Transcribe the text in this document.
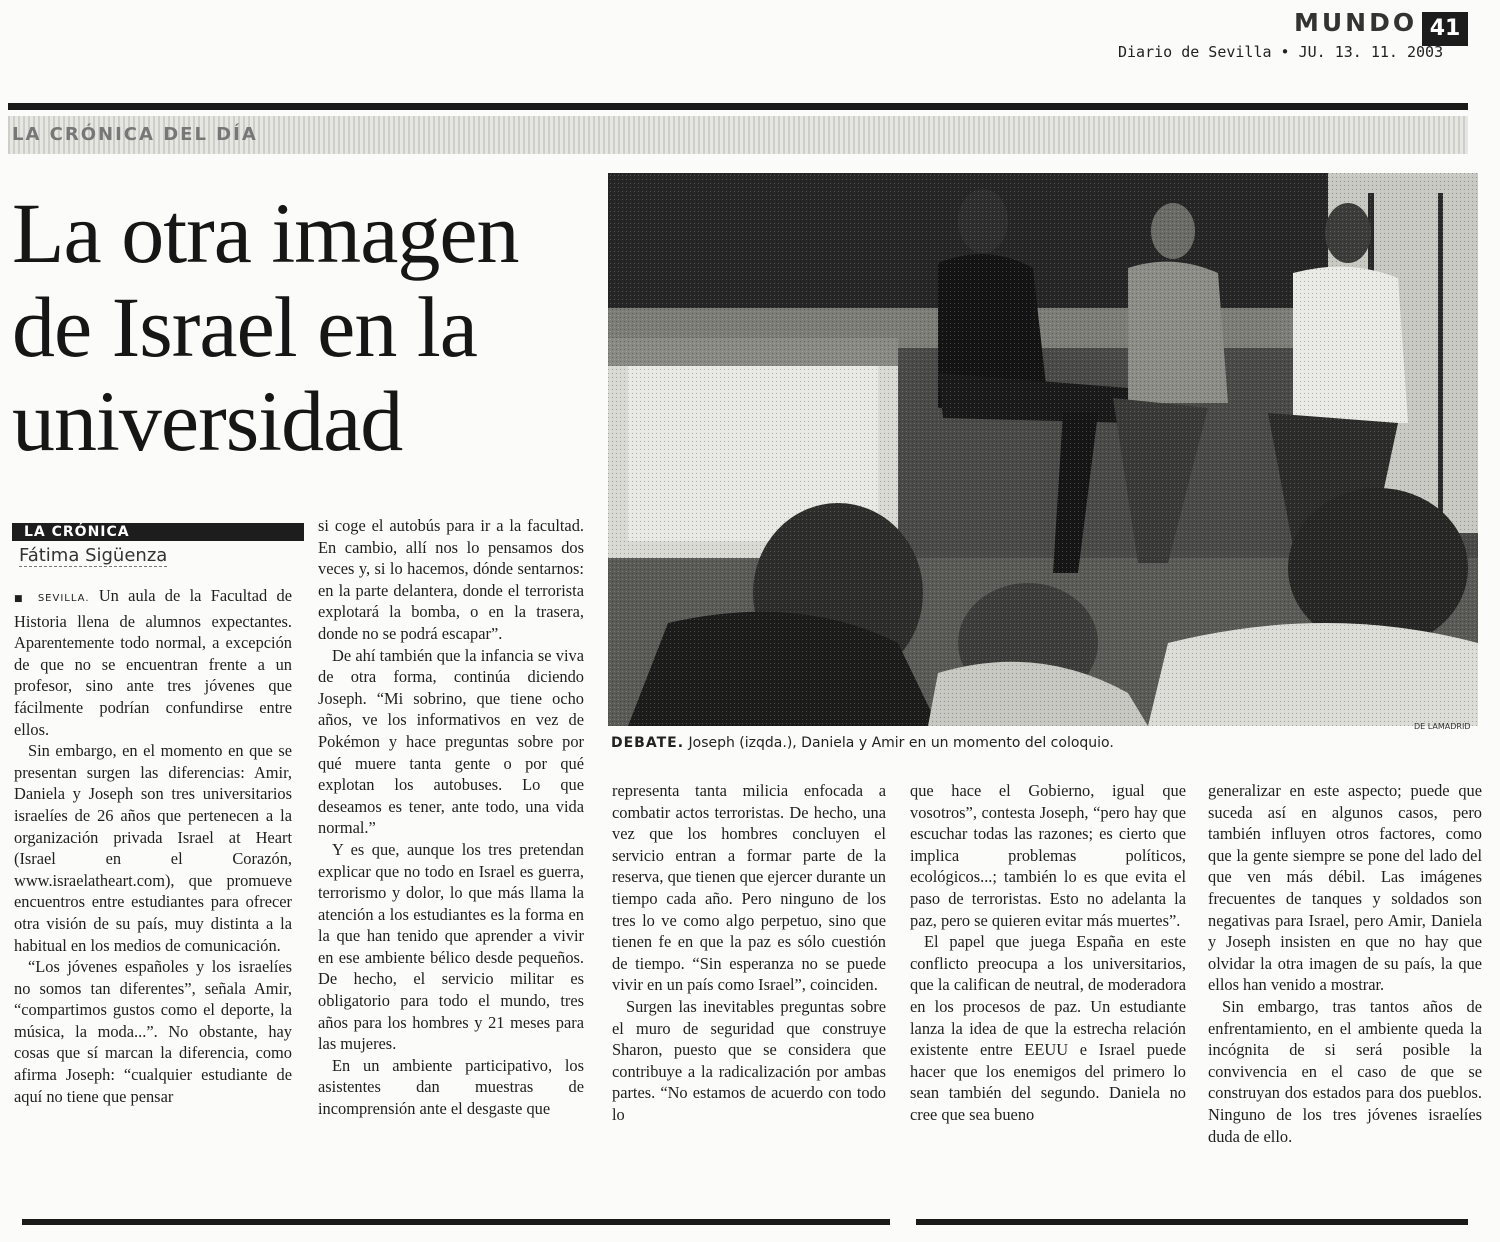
MUNDO 41
Diario de Sevilla • JU. 13. 11. 2003
LA CRÓNICA DEL DÍA
La otra imagen de Israel en la universidad
DE LAMADRID
DEBATE. Joseph (izqda.), Daniela y Amir en un momento del coloquio.
LA CRÓNICA
Fátima Sigüenza

■ SEVILLA. Un aula de la Facultad de Historia llena de alumnos expectantes. Aparentemente todo normal, a excepción de que no se encuentran frente a un profesor, sino ante tres jóvenes que fácilmente podrían confundirse entre ellos.

Sin embargo, en el momento en que se presentan surgen las diferencias: Amir, Daniela y Joseph son tres universitarios israelíes de 26 años que pertenecen a la organización privada Israel at Heart (Israel en el Corazón, www.israelatheart.com), que promueve encuentros entre estudiantes para ofrecer otra visión de su país, muy distinta a la habitual en los medios de comunicación.

“Los jóvenes españoles y los israelíes no somos tan diferentes”, señala Amir, “compartimos gustos como el deporte, la música, la moda...”. No obstante, hay cosas que sí marcan la diferencia, como afirma Joseph: “cualquier estudiante de aquí no tiene que pensar

si coge el autobús para ir a la facultad. En cambio, allí nos lo pensamos dos veces y, si lo hacemos, dónde sentarnos: en la parte delantera, donde el terrorista explotará la bomba, o en la trasera, donde no se podrá escapar”.

De ahí también que la infancia se viva de otra forma, continúa diciendo Joseph. “Mi sobrino, que tiene ocho años, ve los informativos en vez de Pokémon y hace preguntas sobre por qué muere tanta gente o por qué explotan los autobuses. Lo que deseamos es tener, ante todo, una vida normal.”

Y es que, aunque los tres pretendan explicar que no todo en Israel es guerra, terrorismo y dolor, lo que más llama la atención a los estudiantes es la forma en la que han tenido que aprender a vivir en ese ambiente bélico desde pequeños. De hecho, el servicio militar es obligatorio para todo el mundo, tres años para los hombres y 21 meses para las mujeres.

En un ambiente participativo, los asistentes dan muestras de incomprensión ante el desgaste que

representa tanta milicia enfocada a combatir actos terroristas. De hecho, una vez que los hombres concluyen el servicio entran a formar parte de la reserva, que tienen que ejercer durante un tiempo cada año. Pero ninguno de los tres lo ve como algo perpetuo, sino que tienen fe en que la paz es sólo cuestión de tiempo. “Sin esperanza no se puede vivir en un país como Israel”, coinciden.

Surgen las inevitables preguntas sobre el muro de seguridad que construye Sharon, puesto que se considera que contribuye a la radicalización por ambas partes. “No estamos de acuerdo con todo lo

que hace el Gobierno, igual que vosotros”, contesta Joseph, “pero hay que escuchar todas las razones; es cierto que implica problemas políticos, ecológicos...; también lo es que evita el paso de terroristas. Esto no adelanta la paz, pero se quieren evitar más muertes”.

El papel que juega España en este conflicto preocupa a los universitarios, que la califican de neutral, de moderadora en los procesos de paz. Un estudiante lanza la idea de que la estrecha relación existente entre EEUU e Israel puede hacer que los enemigos del primero lo sean también del segundo. Daniela no cree que sea bueno

generalizar en este aspecto; puede que suceda así en algunos casos, pero también influyen otros factores, como que la gente siempre se pone del lado del que ven más débil. Las imágenes frecuentes de tanques y soldados son negativas para Israel, pero Amir, Daniela y Joseph insisten en que no hay que olvidar la otra imagen de su país, la que ellos han venido a mostrar.

Sin embargo, tras tantos años de enfrentamiento, en el ambiente queda la incógnita de si será posible la convivencia en el caso de que se construyan dos estados para dos pueblos. Ninguno de los tres jóvenes israelíes duda de ello.
